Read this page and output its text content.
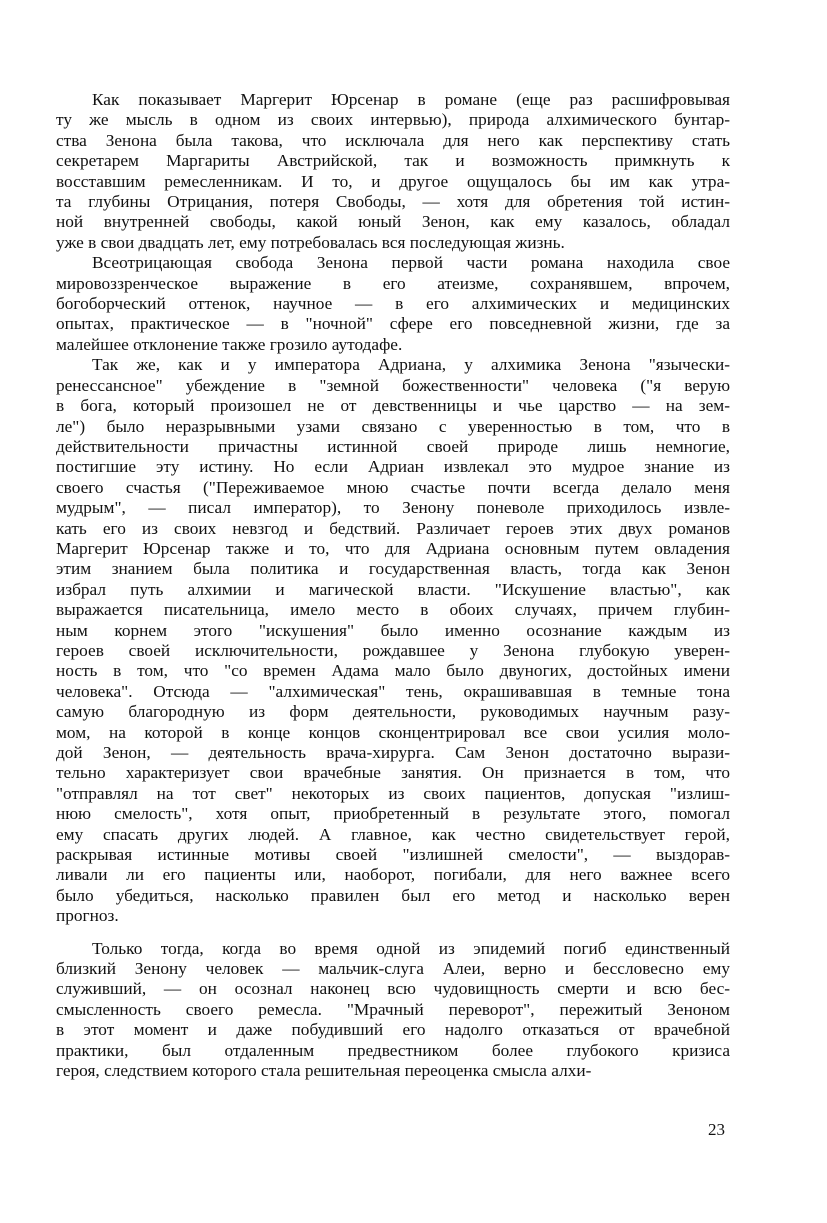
Как показывает Маргерит Юрсенар в романе (еще раз расшифровывая
ту же мысль в одном из своих интервью), природа алхимического бунтар-
ства Зенона была такова, что исключала для него как перспективу стать
секретарем Маргариты Австрийской, так и возможность примкнуть к
восставшим ремесленникам. И то, и другое ощущалось бы им как утра-
та глубины Отрицания, потеря Свободы, — хотя для обретения той истин-
ной внутренней свободы, какой юный Зенон, как ему казалось, обладал
уже в свои двадцать лет, ему потребовалась вся последующая жизнь.
Всеотрицающая свобода Зенона первой части романа находила свое
мировоззренческое выражение в его атеизме, сохранявшем, впрочем,
богоборческий оттенок, научное — в его алхимических и медицинских
опытах, практическое — в "ночной" сфере его повседневной жизни, где за
малейшее отклонение также грозило аутодафе.
Так же, как и у императора Адриана, у алхимика Зенона "язычески-
ренессансное" убеждение в "земной божественности" человека ("я верую
в бога, который произошел не от девственницы и чье царство — на зем-
ле") было неразрывными узами связано с уверенностью в том, что в
действительности причастны истинной своей природе лишь немногие,
постигшие эту истину. Но если Адриан извлекал это мудрое знание из
своего счастья ("Переживаемое мною счастье почти всегда делало меня
мудрым", — писал император), то Зенону поневоле приходилось извле-
кать его из своих невзгод и бедствий. Различает героев этих двух романов
Маргерит Юрсенар также и то, что для Адриана основным путем овладения
этим знанием была политика и государственная власть, тогда как Зенон
избрал путь алхимии и магической власти. "Искушение властью", как
выражается писательница, имело место в обоих случаях, причем глубин-
ным корнем этого "искушения" было именно осознание каждым из
героев своей исключительности, рождавшее у Зенона глубокую уверен-
ность в том, что "со времен Адама мало было двуногих, достойных имени
человека". Отсюда — "алхимическая" тень, окрашивавшая в темные тона
самую благородную из форм деятельности, руководимых научным разу-
мом, на которой в конце концов сконцентрировал все свои усилия моло-
дой Зенон, — деятельность врача-хирурга. Сам Зенон достаточно вырази-
тельно характеризует свои врачебные занятия. Он признается в том, что
"отправлял на тот свет" некоторых из своих пациентов, допуская "излиш-
нюю смелость", хотя опыт, приобретенный в результате этого, помогал
ему спасать других людей. А главное, как честно свидетельствует герой,
раскрывая истинные мотивы своей "излишней смелости", — выздорав-
ливали ли его пациенты или, наоборот, погибали, для него важнее всего
было убедиться, насколько правилен был его метод и насколько верен
прогноз.
Только тогда, когда во время одной из эпидемий погиб единственный
близкий Зенону человек — мальчик-слуга Алеи, верно и бессловесно ему
служивший, — он осознал наконец всю чудовищность смерти и всю бес-
смысленность своего ремесла. "Мрачный переворот", пережитый Зеноном
в этот момент и даже побудивший его надолго отказаться от врачебной
практики, был отдаленным предвестником более глубокого кризиса
героя, следствием которого стала решительная переоценка смысла алхи-
23
